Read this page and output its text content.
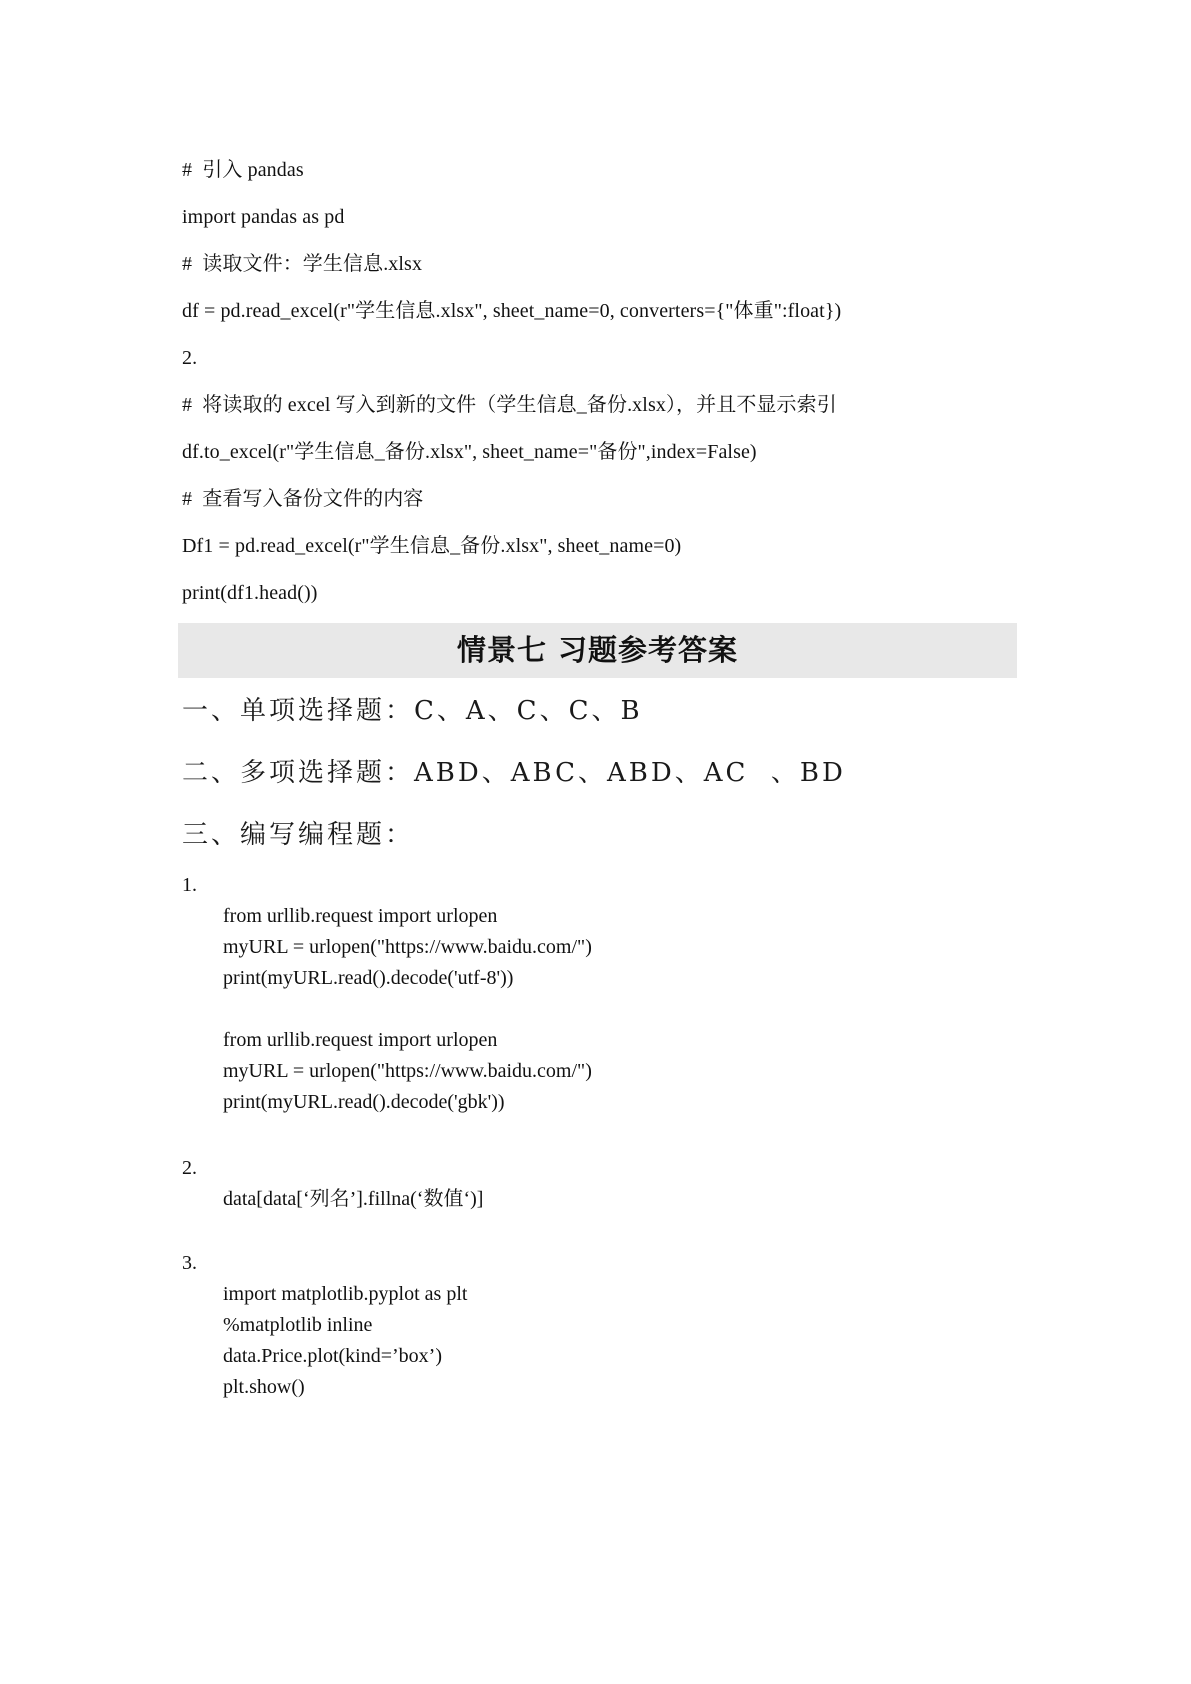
#  引入 pandas
import pandas as pd
#  读取文件：学生信息.xlsx
df = pd.read_excel(r"学生信息.xlsx", sheet_name=0, converters={"体重":float})
2.
#  将读取的 excel 写入到新的文件（学生信息_备份.xlsx），并且不显示索引
df.to_excel(r"学生信息_备份.xlsx", sheet_name="备份",index=False)
#  查看写入备份文件的内容
Df1 = pd.read_excel(r"学生信息_备份.xlsx", sheet_name=0)
print(df1.head())
情景七 习题参考答案
一、单项选择题：C、A、C、C、B
二、多项选择题：ABD、ABC、ABD、AC  、BD
三、编写编程题：
1.
from urllib.request import urlopen
myURL = urlopen("https://www.baidu.com/")
print(myURL.read().decode('utf-8'))
from urllib.request import urlopen
myURL = urlopen("https://www.baidu.com/")
print(myURL.read().decode('gbk'))
2.
data[data[‘列名’].fillna(‘数值‘)]
3.
import matplotlib.pyplot as plt
%matplotlib inline
data.Price.plot(kind=’box’)
plt.show()
